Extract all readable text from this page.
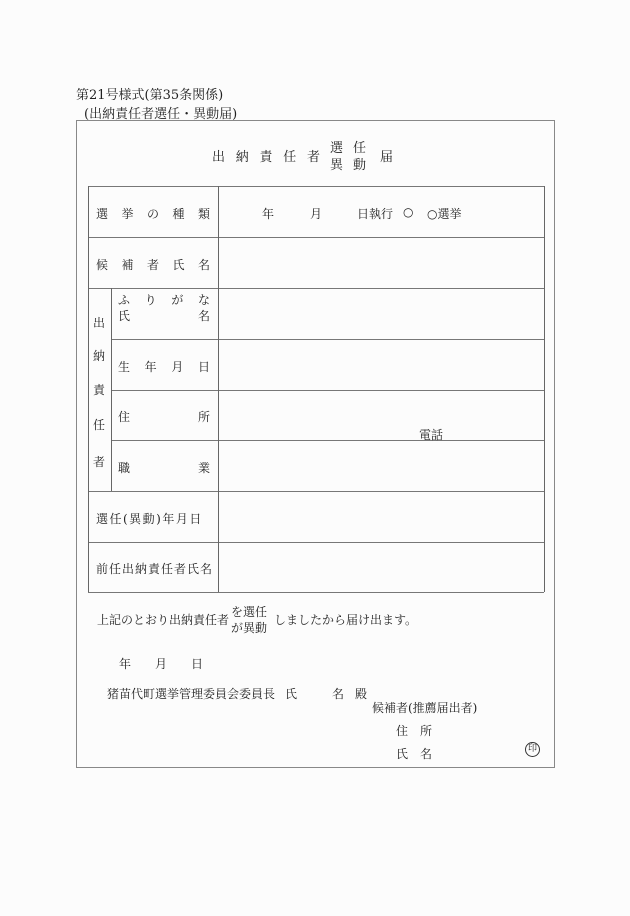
第21号様式(第35条関係)
(出納責任者選任・異動届)
出 納 責 任 者
選 任
異 動
届
選 挙 の 種 類	年	月	日執行 ○ ○選挙
候 補 者 氏 名
出
納
責
任
者
ふ り が な
氏	名
生 年 月 日
住	所
電話
職	業
選任(異動)年月日
前任出納責任者氏名
上記のとおり出納責任者
を選任
が異動
しましたから届け出ます。
年 月 日
猪苗代町選挙管理委員会委員長 氏	名 殿
候補者(推薦届出者)
住 所
氏 名	印
